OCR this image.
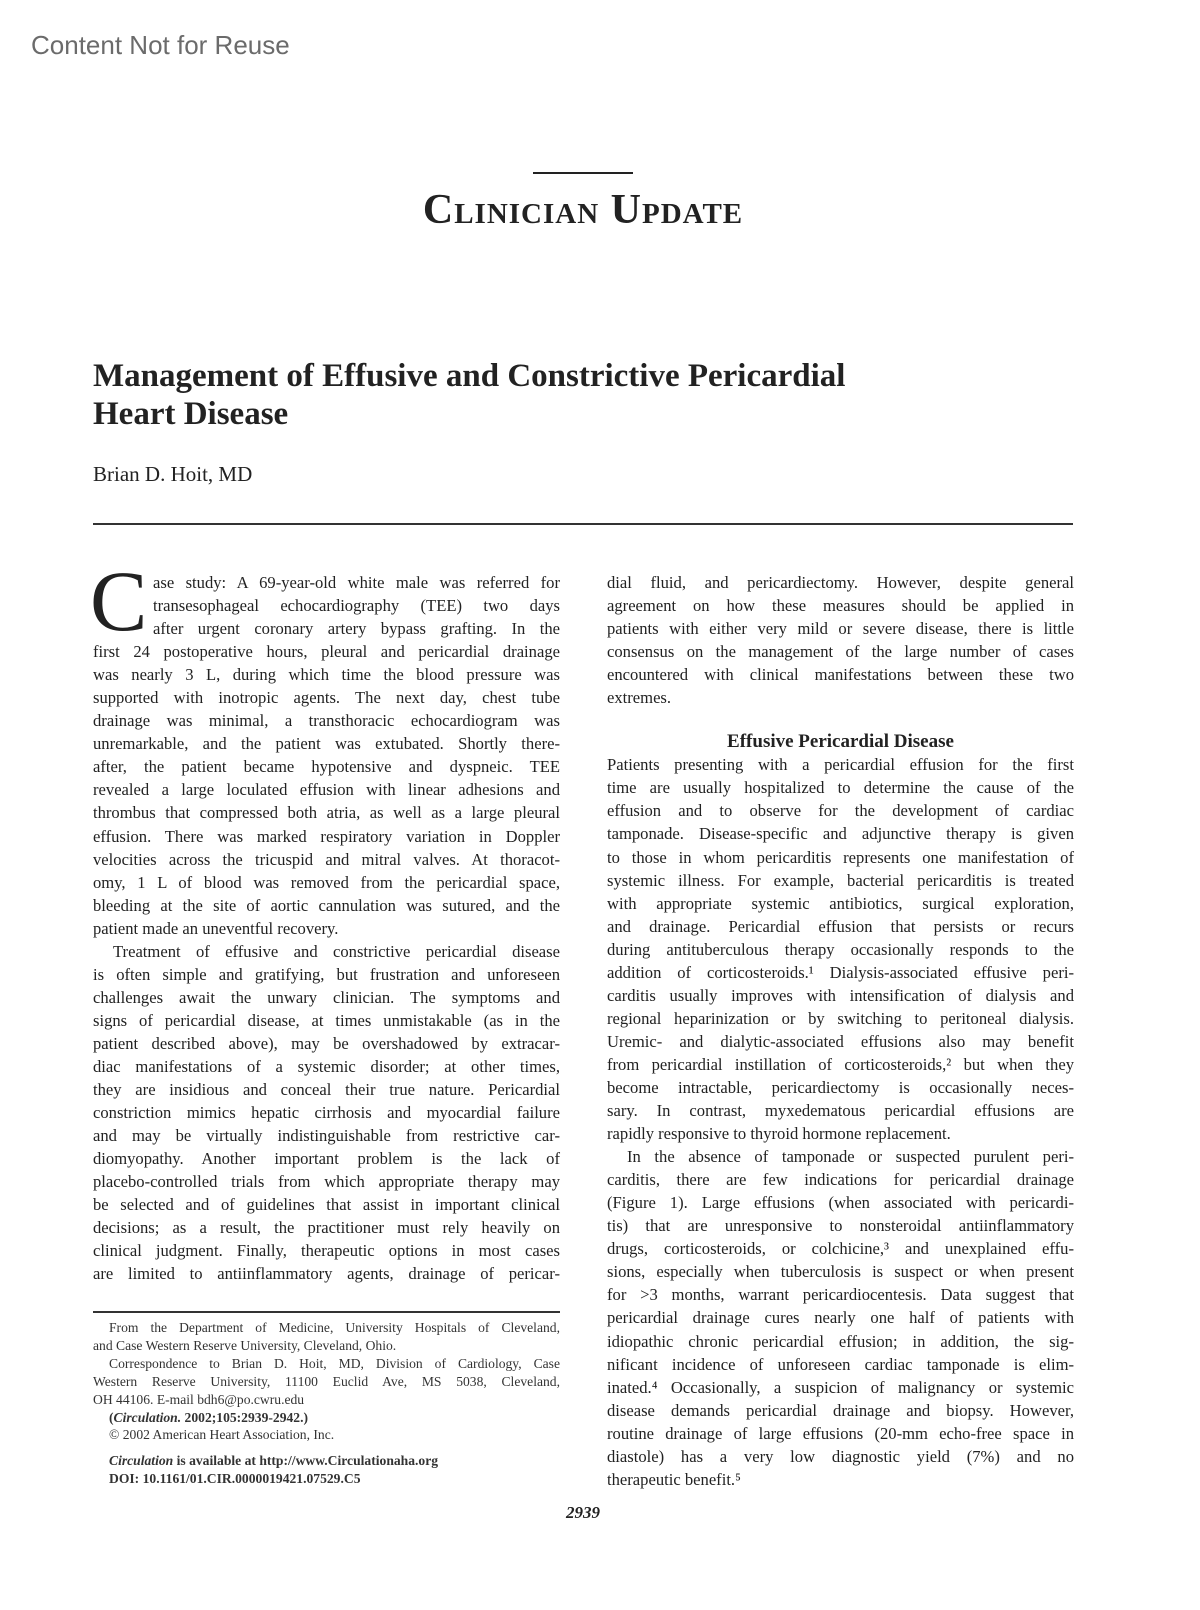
Content Not for Reuse
Clinician Update
Management of Effusive and Constrictive Pericardial
Heart Disease
Brian D. Hoit, MD
C ase study: A 69-year-old white male was referred for
transesophageal echocardiography (TEE) two days
after urgent coronary artery bypass grafting. In the
first 24 postoperative hours, pleural and pericardial drainage
was nearly 3 L, during which time the blood pressure was
supported with inotropic agents. The next day, chest tube
drainage was minimal, a transthoracic echocardiogram was
unremarkable, and the patient was extubated. Shortly there-
after, the patient became hypotensive and dyspneic. TEE
revealed a large loculated effusion with linear adhesions and
thrombus that compressed both atria, as well as a large pleural
effusion. There was marked respiratory variation in Doppler
velocities across the tricuspid and mitral valves. At thoracot-
omy, 1 L of blood was removed from the pericardial space,
bleeding at the site of aortic cannulation was sutured, and the
patient made an uneventful recovery.
Treatment of effusive and constrictive pericardial disease
is often simple and gratifying, but frustration and unforeseen
challenges await the unwary clinician. The symptoms and
signs of pericardial disease, at times unmistakable (as in the
patient described above), may be overshadowed by extracar-
diac manifestations of a systemic disorder; at other times,
they are insidious and conceal their true nature. Pericardial
constriction mimics hepatic cirrhosis and myocardial failure
and may be virtually indistinguishable from restrictive car-
diomyopathy. Another important problem is the lack of
placebo-controlled trials from which appropriate therapy may
be selected and of guidelines that assist in important clinical
decisions; as a result, the practitioner must rely heavily on
clinical judgment. Finally, therapeutic options in most cases
are limited to antiinflammatory agents, drainage of pericar-
dial fluid, and pericardiectomy. However, despite general
agreement on how these measures should be applied in
patients with either very mild or severe disease, there is little
consensus on the management of the large number of cases
encountered with clinical manifestations between these two
extremes.
Effusive Pericardial Disease
Patients presenting with a pericardial effusion for the first
time are usually hospitalized to determine the cause of the
effusion and to observe for the development of cardiac
tamponade. Disease-specific and adjunctive therapy is given
to those in whom pericarditis represents one manifestation of
systemic illness. For example, bacterial pericarditis is treated
with appropriate systemic antibiotics, surgical exploration,
and drainage. Pericardial effusion that persists or recurs
during antituberculous therapy occasionally responds to the
addition of corticosteroids.¹ Dialysis-associated effusive peri-
carditis usually improves with intensification of dialysis and
regional heparinization or by switching to peritoneal dialysis.
Uremic- and dialytic-associated effusions also may benefit
from pericardial instillation of corticosteroids,² but when they
become intractable, pericardiectomy is occasionally neces-
sary. In contrast, myxedematous pericardial effusions are
rapidly responsive to thyroid hormone replacement.
In the absence of tamponade or suspected purulent peri-
carditis, there are few indications for pericardial drainage
(Figure 1). Large effusions (when associated with pericardi-
tis) that are unresponsive to nonsteroidal antiinflammatory
drugs, corticosteroids, or colchicine,³ and unexplained effu-
sions, especially when tuberculosis is suspect or when present
for >3 months, warrant pericardiocentesis. Data suggest that
pericardial drainage cures nearly one half of patients with
idiopathic chronic pericardial effusion; in addition, the sig-
nificant incidence of unforeseen cardiac tamponade is elim-
inated.⁴ Occasionally, a suspicion of malignancy or systemic
disease demands pericardial drainage and biopsy. However,
routine drainage of large effusions (20-mm echo-free space in
diastole) has a very low diagnostic yield (7%) and no
therapeutic benefit.⁵
From the Department of Medicine, University Hospitals of Cleveland,
and Case Western Reserve University, Cleveland, Ohio.
Correspondence to Brian D. Hoit, MD, Division of Cardiology, Case
Western Reserve University, 11100 Euclid Ave, MS 5038, Cleveland,
OH 44106. E-mail bdh6@po.cwru.edu
(Circulation. 2002;105:2939-2942.)
© 2002 American Heart Association, Inc.
Circulation is available at http://www.Circulationaha.org
DOI: 10.1161/01.CIR.0000019421.07529.C5
2939
